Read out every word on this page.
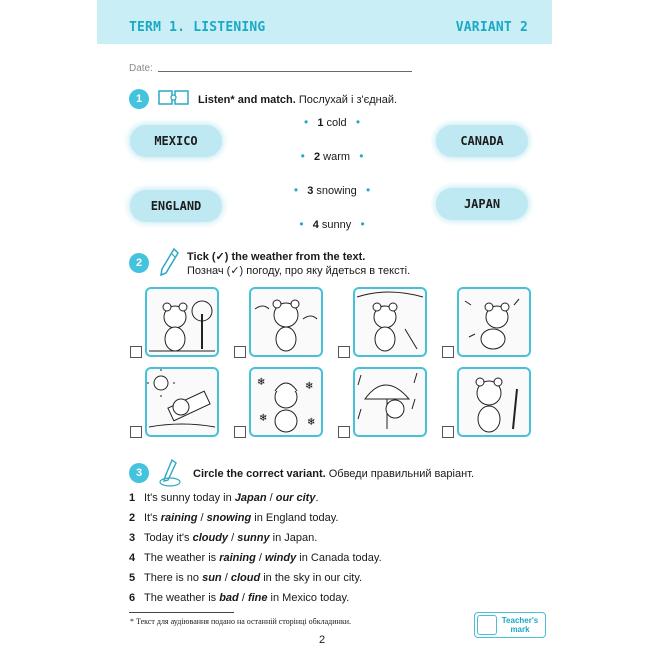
TERM 1. LISTENING	VARIANT 2
Date:
1	Listen* and match. Послухай і з'єднай.
MEXICO
ENGLAND
CANADA
JAPAN
• 1 cold •
• 2 warm •
• 3 snowing •
• 4 sunny •
2	Tick (✓) the weather from the text.
Познач (✓) погоду, про яку йдеться в тексті.
❄	❄
❄	❄
3	Circle the correct variant. Обведи правильний варіант.
1 It's sunny today in Japan / our city.
2 It's raining / snowing in England today.
3 Today it's cloudy / sunny in Japan.
4 The weather is raining / windy in Canada today.
5 There is no sun / cloud in the sky in our city.
6 The weather is bad / fine in Mexico today.
* Текст для аудіювання подано на останній сторінці обкладинки.	Teacher's mark
2
